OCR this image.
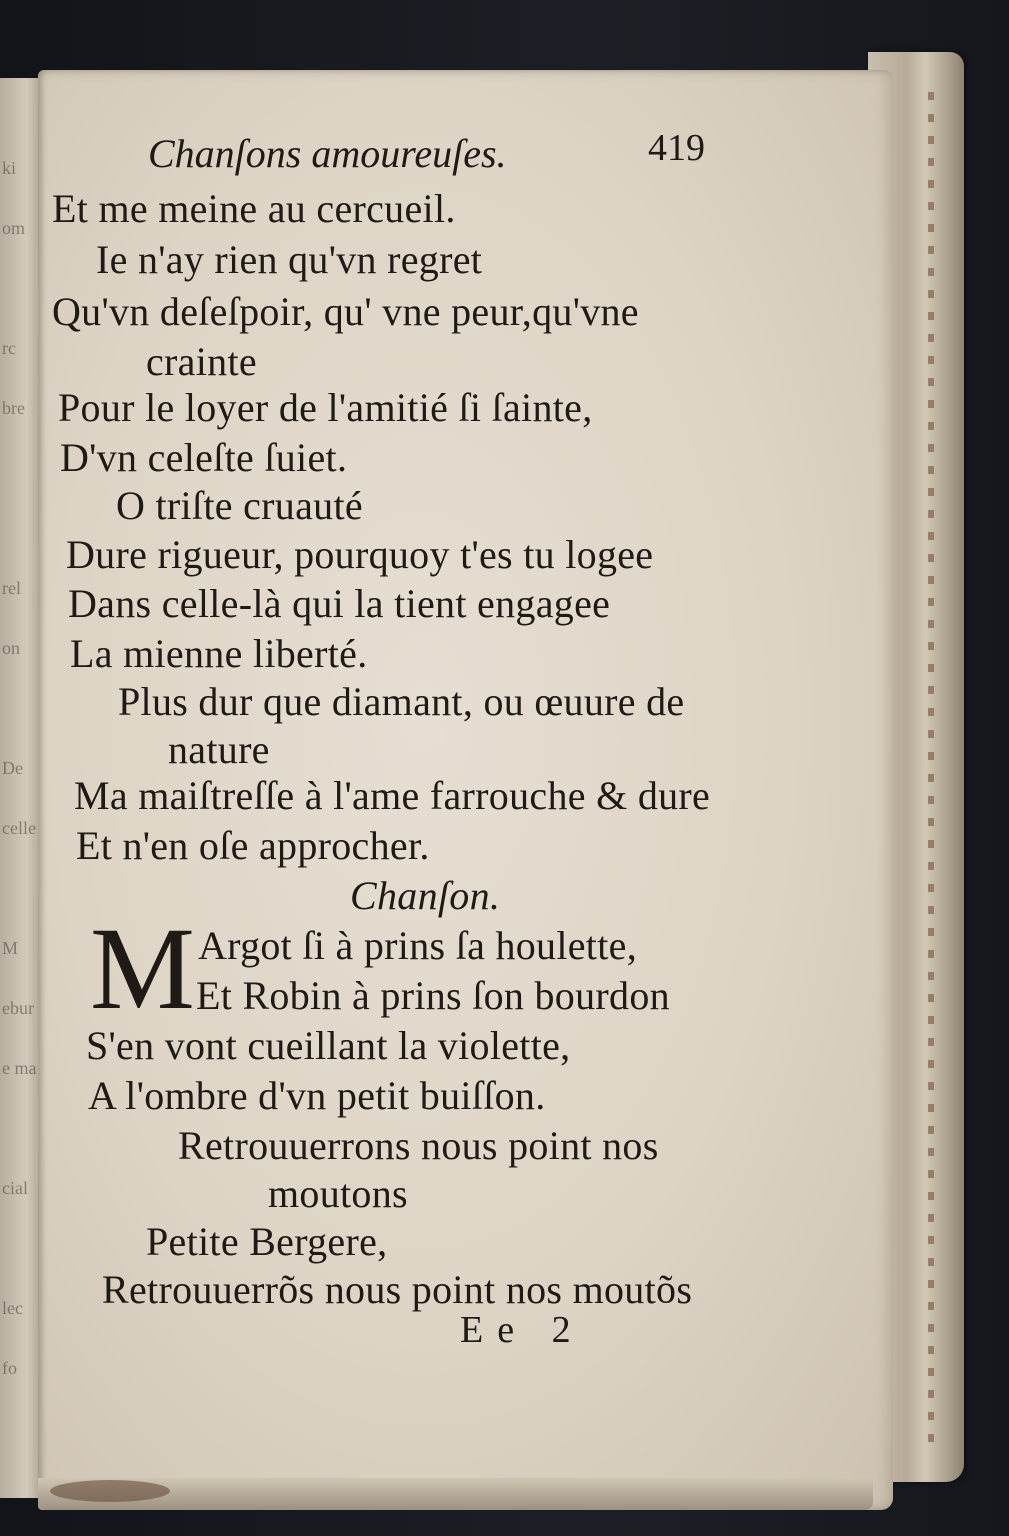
ki
om

rc
bre

rel
on

De
celle

M
ebur
e ma

cial

lec
fo
Chanſons amoureuſes.	419
Et me meine au cercueil.
Ie n'ay rien qu'vn regret
Qu'vn deſeſpoir, qu' vne peur,qu'vne
crainte
Pour le loyer de l'amitié ſi ſainte,
D'vn celeſte ſuiet.
O triſte cruauté
Dure rigueur, pourquoy t'es tu logee
Dans celle-là qui la tient engagee
La mienne liberté.
Plus dur que diamant, ou œuure de
nature
Ma maiſtreſſe à l'ame farrouche & dure
Et n'en oſe approcher.
Chanſon.
M Argot ſi à prins ſa houlette,
Et Robin à prins ſon bourdon
S'en vont cueillant la violette,
A l'ombre d'vn petit buiſſon.
Retrouuerrons nous point nos
moutons
Petite Bergere,
Retrouuerrõs nous point nos moutõs
Ee 2
